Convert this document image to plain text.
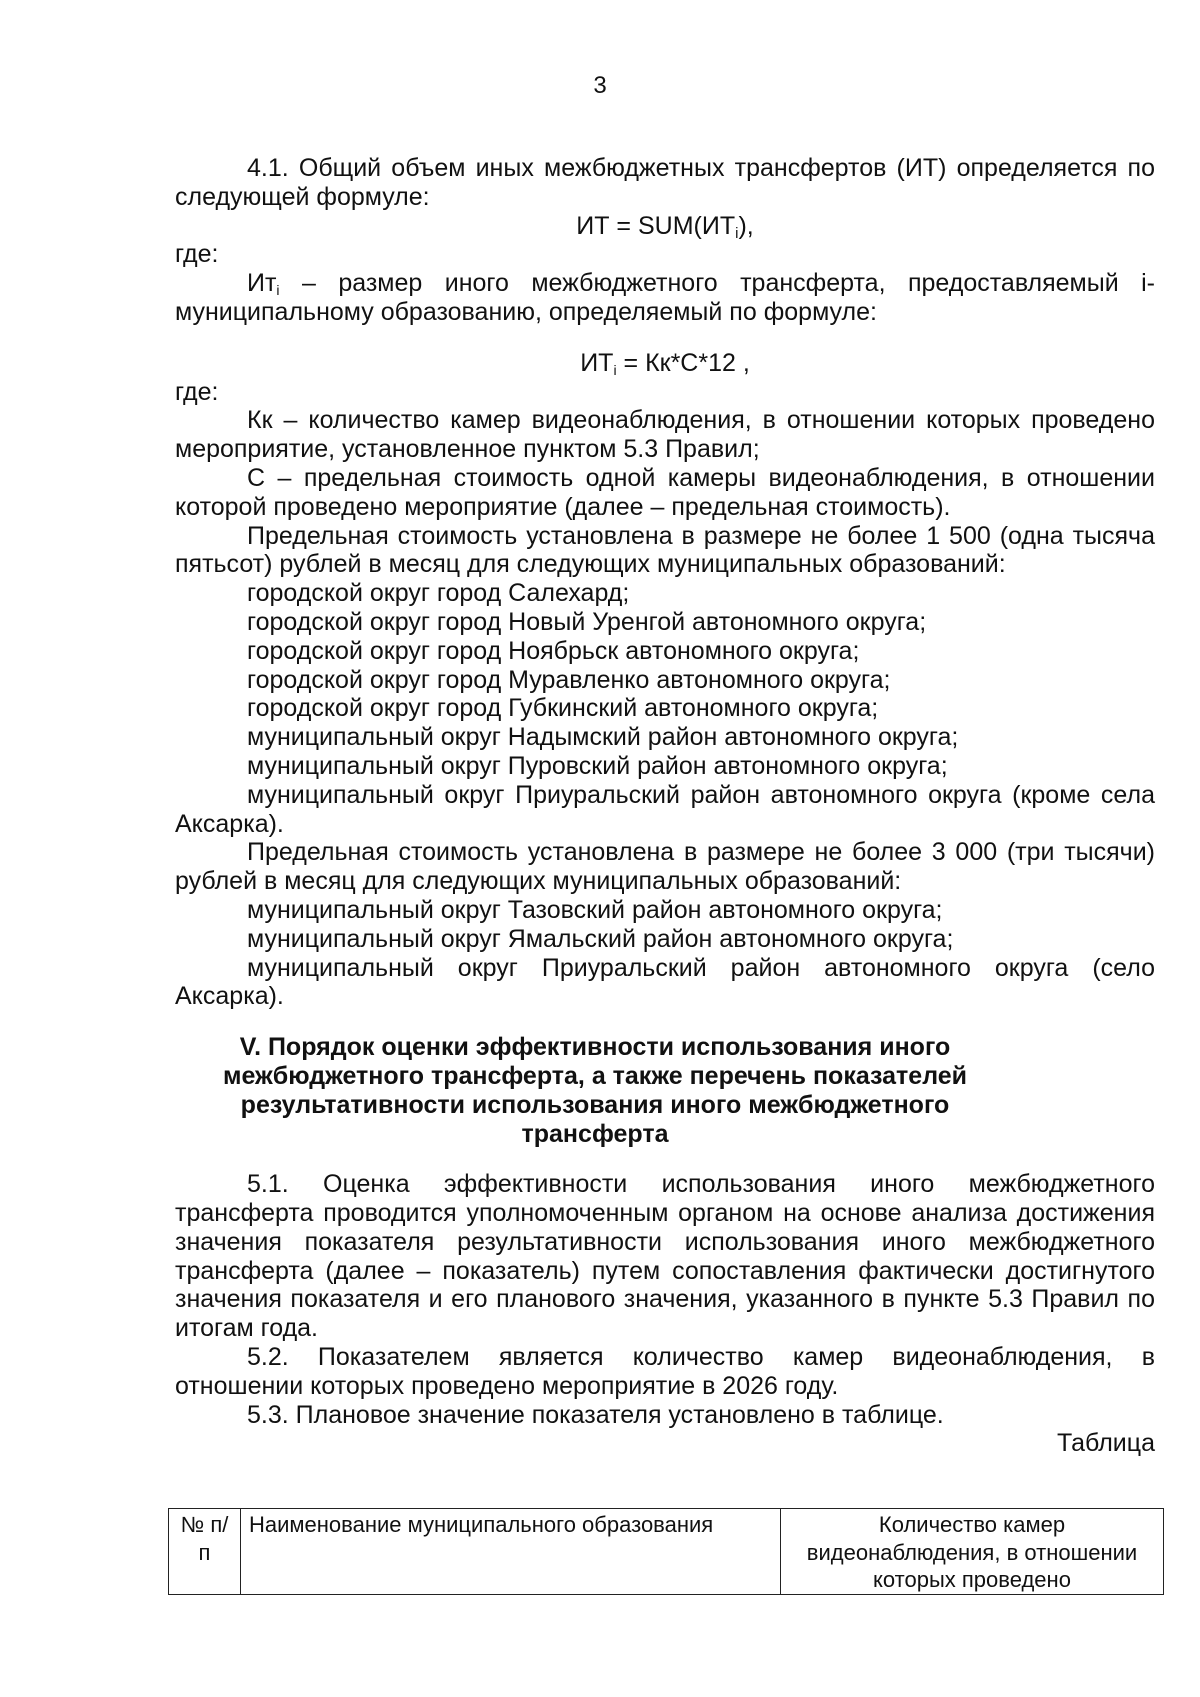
3

4.1. Общий объем иных межбюджетных трансфертов (ИТ) определяется по следующей формуле:

ИТ = SUM(ИТi),

где:

$Ит_i$ – размер иного межбюджетного трансферта, предоставляемый i-муниципальному образованию, определяемый по формуле:

$ИТ_i = Кк*С*12$ ,

где:

Кк – количество камер видеонаблюдения, в отношении которых проведено мероприятие, установленное пунктом 5.3 Правил;

С – предельная стоимость одной камеры видеонаблюдения, в отношении которой проведено мероприятие (далее – предельная стоимость).

Предельная стоимость установлена в размере не более 1 500 (одна тысяча пятьсот) рублей в месяц для следующих муниципальных образований:

городской округ город Салехард;

городской округ город Новый Уренгой автономного округа;

городской округ город Ноябрьск автономного округа;

городской округ город Муравленко автономного округа;

городской округ город Губкинский автономного округа;

муниципальный округ Надымский район автономного округа;

муниципальный округ Пуровский район автономного округа;

муниципальный округ Приуральский район автономного округа (кроме села Аксарка).

Предельная стоимость установлена в размере не более 3 000 (три тысячи) рублей в месяц для следующих муниципальных образований:

муниципальный округ Тазовский район автономного округа;

муниципальный округ Ямальский район автономного округа;

муниципальный округ Приуральский район автономного округа (село Аксарка).

V. Порядок оценки эффективности использования иного межбюджетного трансферта, а также перечень показателей результативности использования иного межбюджетного трансферта

5.1. Оценка эффективности использования иного межбюджетного трансферта проводится уполномоченным органом на основе анализа достижения значения показателя результативности использования иного межбюджетного трансферта (далее – показатель) путем сопоставления фактически достигнутого значения показателя и его планового значения, указанного в пункте 5.3 Правил по итогам года.

5.2. Показателем является количество камер видеонаблюдения, в отношении которых проведено мероприятие в 2026 году.

5.3. Плановое значение показателя установлено в таблице.

Таблица

№ п/п	Наименование муниципального образования	Количество камер видеонаблюдения, в отношении которых проведено
